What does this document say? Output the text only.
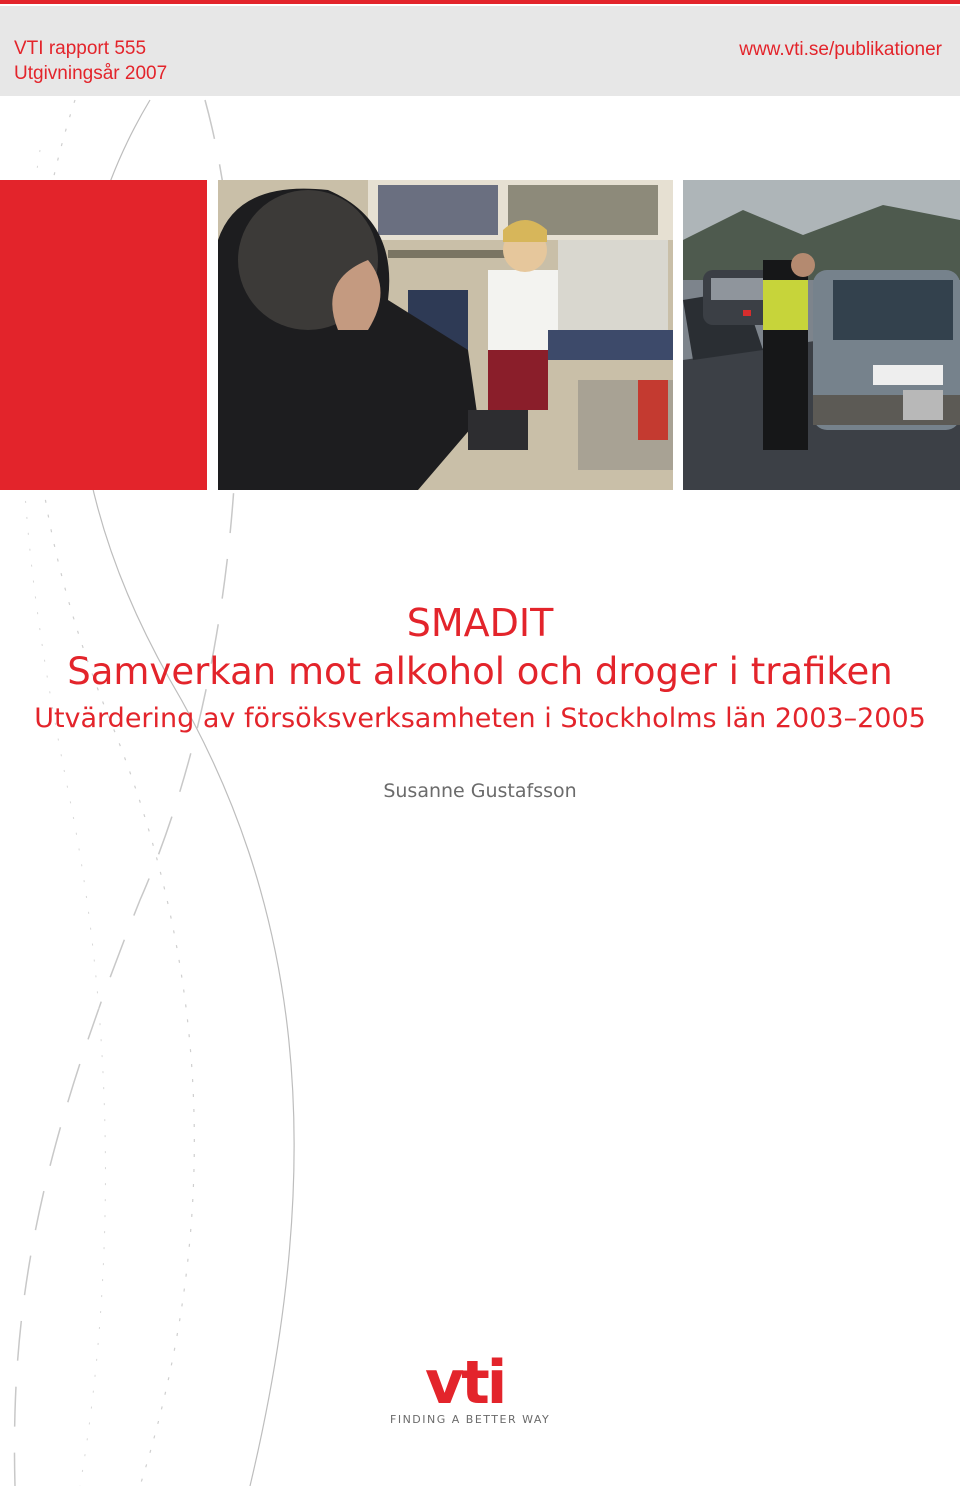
VTI rapport 555
Utgivningsår 2007
www.vti.se/publikationer
SMADIT
Samverkan mot alkohol och droger i trafiken
Utvärdering av försöksverksamheten i Stockholms län 2003–2005
Susanne Gustafsson
vti
FINDING A BETTER WAY
